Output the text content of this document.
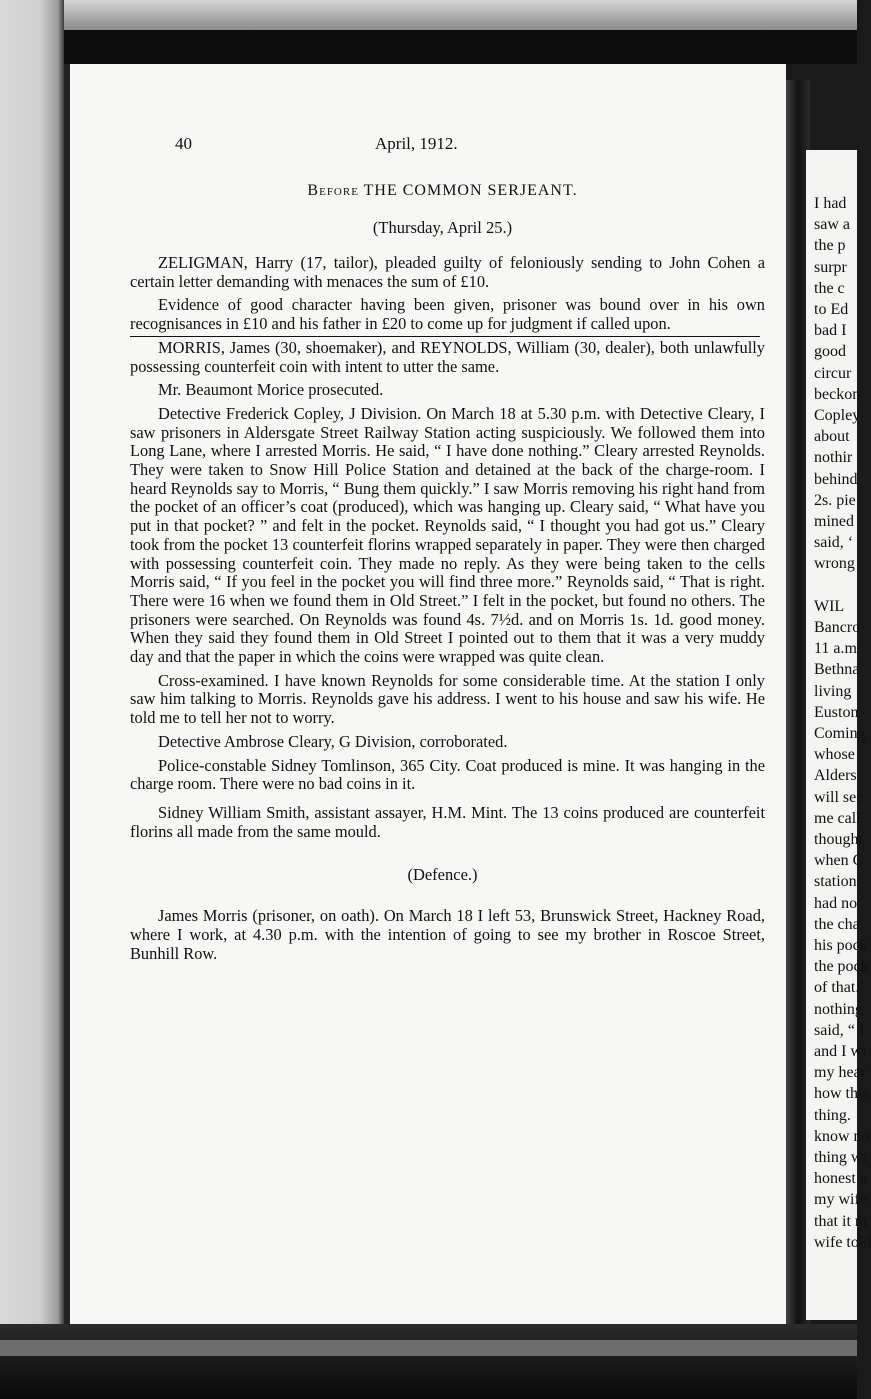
I had
saw a
the p
surpr
the c
to Ed
bad I
good
circur
beckon
Copley
about
nothir
behind
2s. pie
mined
said, ‘
wrong
WIL
Bancro
11 a.m
Bethna
living
Euston
Coming
whose
Alders
will see
me call
thought
when C
station
had no
the cha
his pock
the pock
of that.’
nothing
said, “ I
and I wi
my hear
how this
thing.
know no
thing wr
honest a
my wife
that it m
wife told
40	April, 1912.
Before THE COMMON SERJEANT.
(Thursday, April 25.)

ZELIGMAN, Harry (17, tailor), pleaded guilty of feloniously sending to John Cohen a certain letter demanding with menaces the sum of £10.

Evidence of good character having been given, prisoner was bound over in his own recognisances in £10 and his father in £20 to come up for judgment if called upon.

MORRIS, James (30, shoemaker), and REYNOLDS, William (30, dealer), both unlawfully possessing counterfeit coin with intent to utter the same.

Mr. Beaumont Morice prosecuted.

Detective Frederick Copley, J Division. On March 18 at 5.30 p.m. with Detective Cleary, I saw prisoners in Aldersgate Street Railway Station acting suspiciously. We followed them into Long Lane, where I arrested Morris. He said, “ I have done nothing.” Cleary arrested Reynolds. They were taken to Snow Hill Police Station and detained at the back of the charge-room. I heard Reynolds say to Morris, “ Bung them quickly.” I saw Morris removing his right hand from the pocket of an officer’s coat (produced), which was hanging up. Cleary said, “ What have you put in that pocket? ” and felt in the pocket. Reynolds said, “ I thought you had got us.” Cleary took from the pocket 13 counterfeit florins wrapped separately in paper. They were then charged with possessing counterfeit coin. They made no reply. As they were being taken to the cells Morris said, “ If you feel in the pocket you will find three more.” Reynolds said, “ That is right. There were 16 when we found them in Old Street.” I felt in the pocket, but found no others. The prisoners were searched. On Reynolds was found 4s. 7½d. and on Morris 1s. 1d. good money. When they said they found them in Old Street I pointed out to them that it was a very muddy day and that the paper in which the coins were wrapped was quite clean.

Cross-examined. I have known Reynolds for some considerable time. At the station I only saw him talking to Morris. Reynolds gave his address. I went to his house and saw his wife. He told me to tell her not to worry.

Detective Ambrose Cleary, G Division, corroborated.

Police-constable Sidney Tomlinson, 365 City. Coat produced is mine. It was hanging in the charge room. There were no bad coins in it.

Sidney William Smith, assistant assayer, H.M. Mint. The 13 coins produced are counterfeit florins all made from the same mould.

(Defence.)

James Morris (prisoner, on oath). On March 18 I left 53, Brunswick Street, Hackney Road, where I work, at 4.30 p.m. with the intention of going to see my brother in Roscoe Street, Bunhill Row.
